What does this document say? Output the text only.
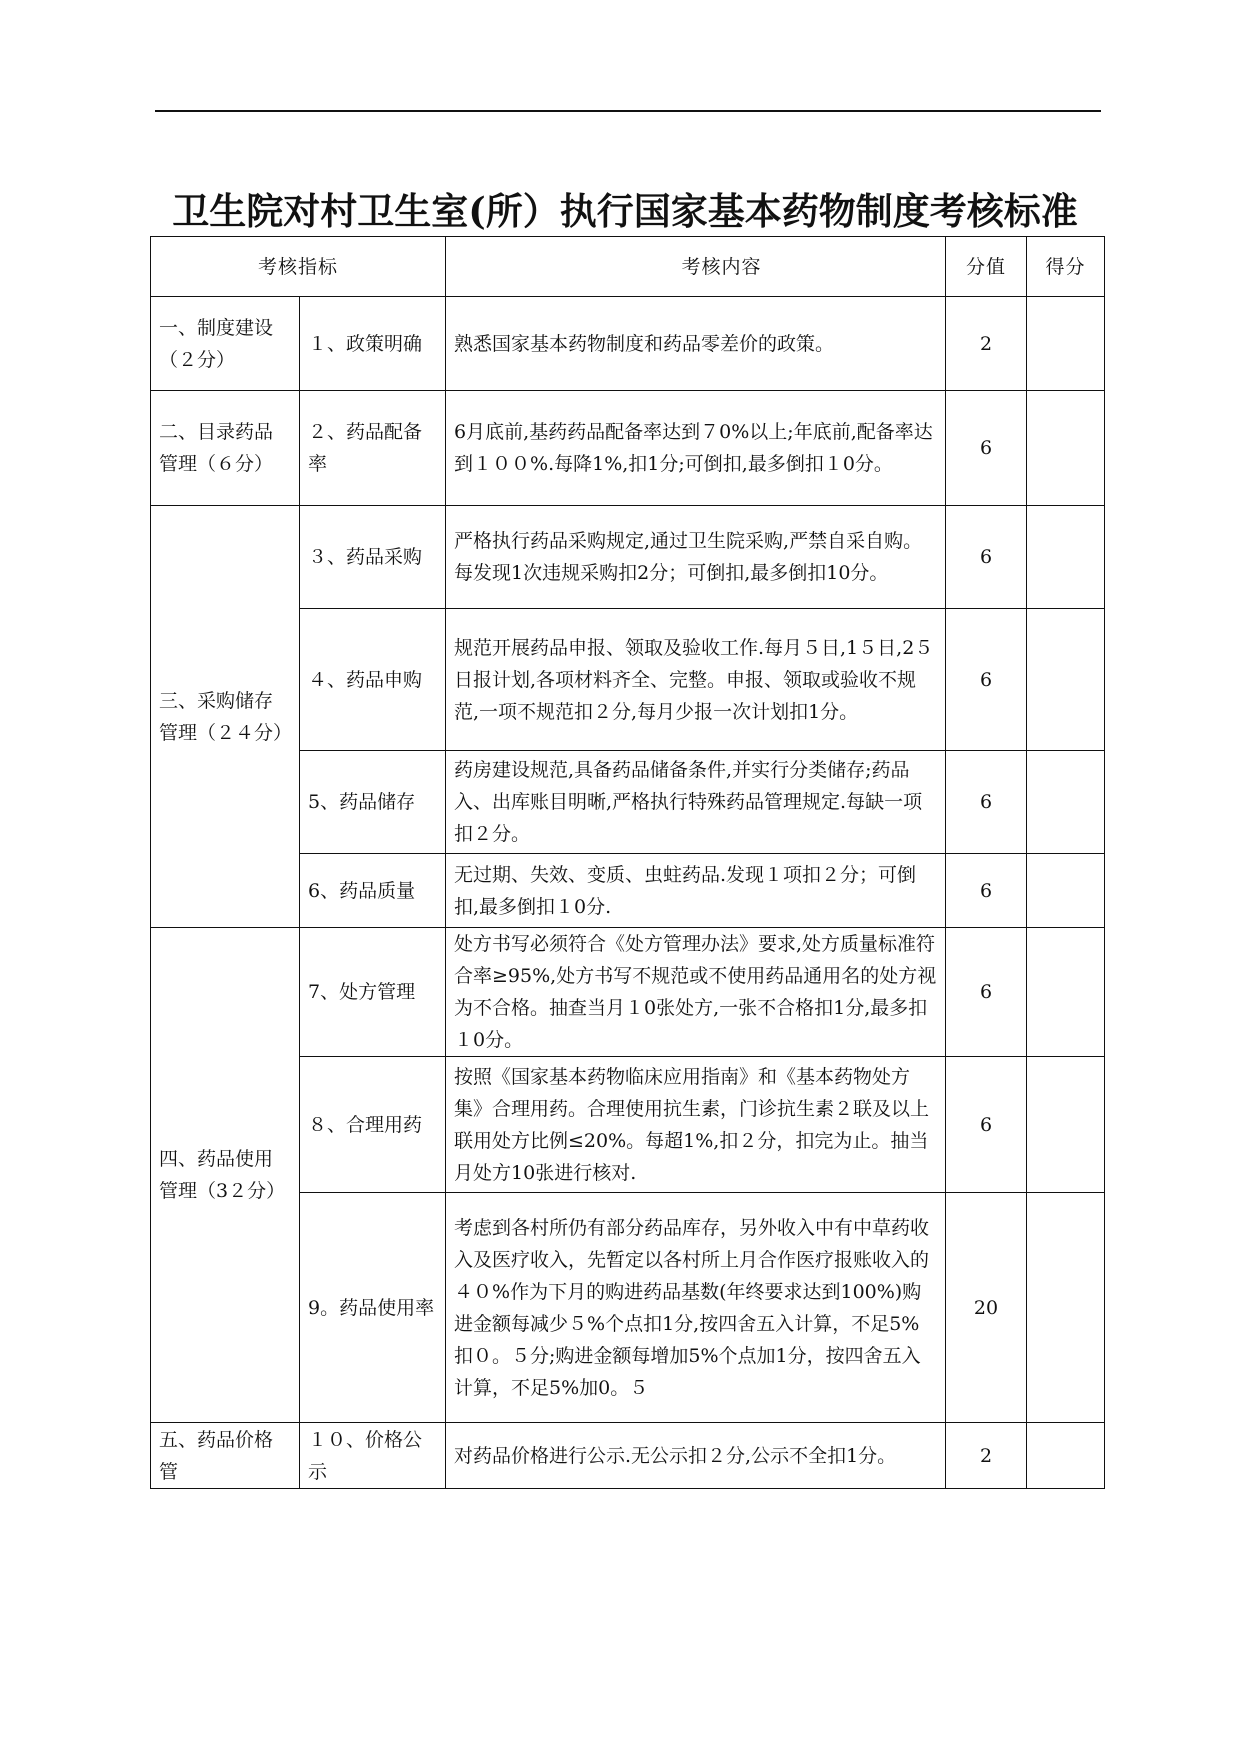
卫生院对村卫生室(所）执行国家基本药物制度考核标准
考核指标		考核内容	分值	得分
一、制度建设（２分）	１、政策明确	熟悉国家基本药物制度和药品零差价的政策。	2	
二、目录药品管理（６分）	２、药品配备率	6月底前,基药药品配备率达到７0%以上;年底前,配备率达到１００%.每降1%,扣1分;可倒扣,最多倒扣１0分。	6	
三、采购储存管理（２４分）	３、药品采购	严格执行药品采购规定,通过卫生院采购,严禁自采自购。每发现1次违规采购扣2分；可倒扣,最多倒扣10分。	6	
	４、药品申购	规范开展药品申报、领取及验收工作.每月５日,1５日,2５日报计划,各项材料齐全、完整。申报、领取或验收不规范,一项不规范扣２分,每月少报一次计划扣1分。	6	
	5、药品储存	药房建设规范,具备药品储备条件,并实行分类储存;药品入、出库账目明晰,严格执行特殊药品管理规定.每缺一项扣２分。	6	
	6、药品质量	无过期、失效、变质、虫蛀药品.发现１项扣２分；可倒扣,最多倒扣１0分.	6	
四、药品使用管理（3２分）	7、处方管理	处方书写必须符合《处方管理办法》要求,处方质量标准符合率≥95%,处方书写不规范或不使用药品通用名的处方视为不合格。抽查当月１0张处方,一张不合格扣1分,最多扣１0分。	6	
	８、合理用药	按照《国家基本药物临床应用指南》和《基本药物处方集》合理用药。合理使用抗生素，门诊抗生素２联及以上联用处方比例≤20%。每超1%,扣２分，扣完为止。抽当月处方10张进行核对.	6	
	9。药品使用率	考虑到各村所仍有部分药品库存，另外收入中有中草药收入及医疗收入，先暂定以各村所上月合作医疗报账收入的４０%作为下月的购进药品基数(年终要求达到100%)购进金额每减少５%个点扣1分,按四舍五入计算，不足5%扣０。５分;购进金额每增加5%个点加1分，按四舍五入计算，不足5%加0。５	20	
五、药品价格管	１０、价格公示	对药品价格进行公示.无公示扣２分,公示不全扣1分。	2	
